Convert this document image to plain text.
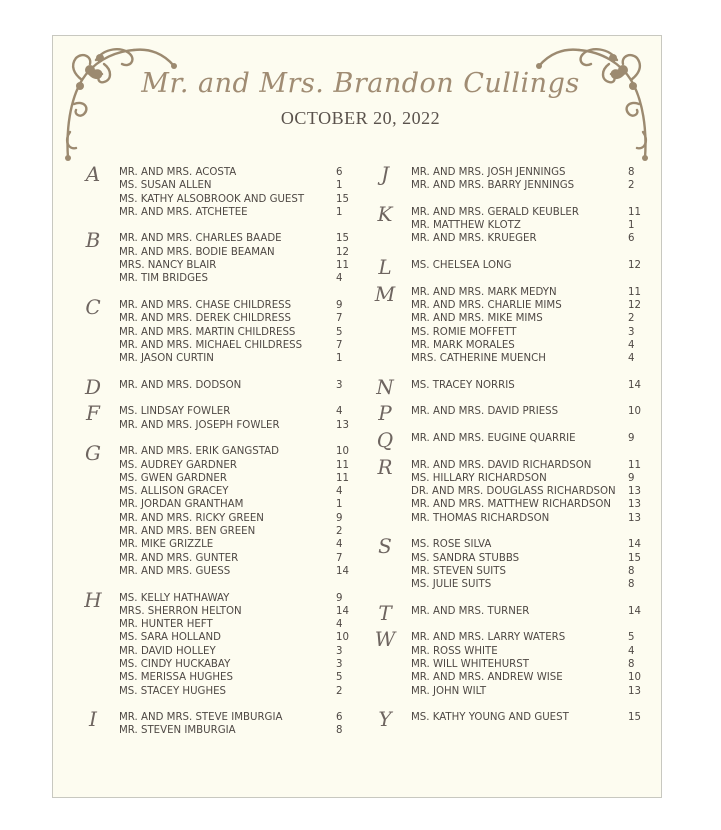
Mr. and Mrs. Brandon Cullings
OCTOBER 20, 2022
A	MR. AND MRS. ACOSTA	6
MS. SUSAN ALLEN	1
MS. KATHY ALSOBROOK AND GUEST	15
MR. AND MRS. ATCHETEE	1
B	MR. AND MRS. CHARLES BAADE	15
MR. AND MRS. BODIE BEAMAN	12
MRS. NANCY BLAIR	11
MR. TIM BRIDGES	4
C	MR. AND MRS. CHASE CHILDRESS	9
MR. AND MRS. DEREK CHILDRESS	7
MR. AND MRS. MARTIN CHILDRESS	5
MR. AND MRS. MICHAEL CHILDRESS	7
MR. JASON CURTIN	1
D	MR. AND MRS. DODSON	3
F	MS. LINDSAY FOWLER	4
MR. AND MRS. JOSEPH FOWLER	13
G	MR. AND MRS. ERIK GANGSTAD	10
MS. AUDREY GARDNER	11
MS. GWEN GARDNER	11
MS. ALLISON GRACEY	4
MR. JORDAN GRANTHAM	1
MR. AND MRS. RICKY GREEN	9
MR. AND MRS. BEN GREEN	2
MR. MIKE GRIZZLE	4
MR. AND MRS. GUNTER	7
MR. AND MRS. GUESS	14
H	MS. KELLY HATHAWAY	9
MRS. SHERRON HELTON	14
MR. HUNTER HEFT	4
MS. SARA HOLLAND	10
MR. DAVID HOLLEY	3
MS. CINDY HUCKABAY	3
MS. MERISSA HUGHES	5
MS. STACEY HUGHES	2
I	MR. AND MRS. STEVE IMBURGIA	6
MR. STEVEN IMBURGIA	8
J	MR. AND MRS. JOSH JENNINGS	8
MR. AND MRS. BARRY JENNINGS	2
K	MR. AND MRS. GERALD KEUBLER	11
MR. MATTHEW KLOTZ	1
MR. AND MRS. KRUEGER	6
L	MS. CHELSEA LONG	12
M	MR. AND MRS. MARK MEDYN	11
MR. AND MRS. CHARLIE MIMS	12
MR. AND MRS. MIKE MIMS	2
MS. ROMIE MOFFETT	3
MR. MARK MORALES	4
MRS. CATHERINE MUENCH	4
N	MS. TRACEY NORRIS	14
P	MR. AND MRS. DAVID PRIESS	10
Q	MR. AND MRS. EUGINE QUARRIE	9
R	MR. AND MRS. DAVID RICHARDSON	11
MS. HILLARY RICHARDSON	9
DR. AND MRS. DOUGLASS RICHARDSON 13
MR. AND MRS. MATTHEW RICHARDSON 13
MR. THOMAS RICHARDSON	13
S	MS. ROSE SILVA	14
MS. SANDRA STUBBS	15
MR. STEVEN SUITS	8
MS. JULIE SUITS	8
T	MR. AND MRS. TURNER	14
W	MR. AND MRS. LARRY WATERS	5
MR. ROSS WHITE	4
MR. WILL WHITEHURST	8
MR. AND MRS. ANDREW WISE	10
MR. JOHN WILT	13
Y	MS. KATHY YOUNG AND GUEST	15
